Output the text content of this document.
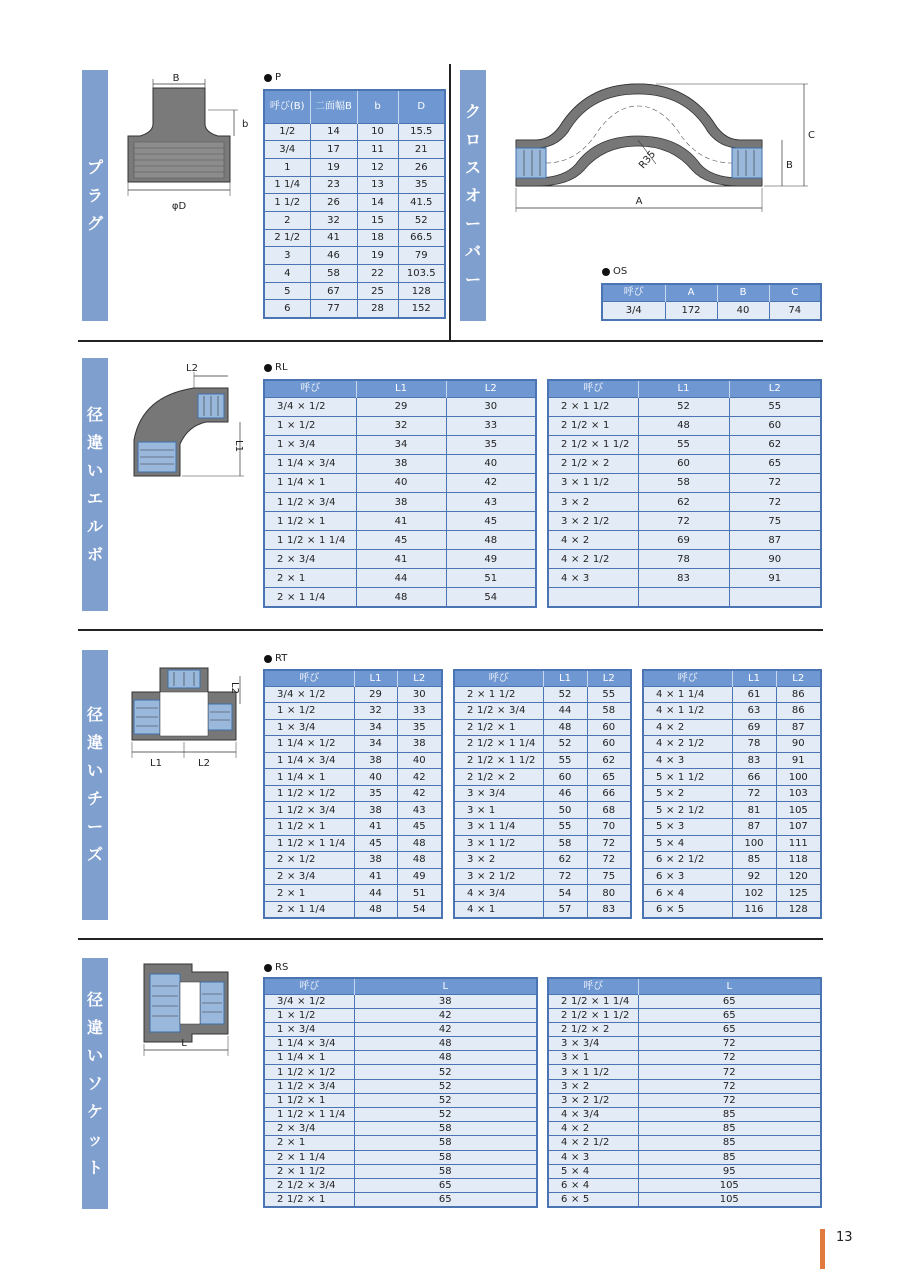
プ
ラ
グ
ク
ロ
ス
オ
ー
バ
ー
径
違
い
エ
ル
ボ
径
違
い
チ
ー
ズ
径
違
い
ソ
ケ
ッ
ト
P
OS
RL
RT
RS
呼び(B)	二面幅B	b	D
1/2	14	10	15.5
3/4	17	11	21
1	19	12	26
1 1/4	23	13	35
1 1/2	26	14	41.5
2	32	15	52
2 1/2	41	18	66.5
3	46	19	79
4	58	22	103.5
5	67	25	128
6	77	28	152
呼び	A	B	C
3/4	172	40	74
呼び	L1	L2
3/4 × 1/2	29	30
1 × 1/2	32	33
1 × 3/4	34	35
1 1/4 × 3/4	38	40
1 1/4 × 1	40	42
1 1/2 × 3/4	38	43
1 1/2 × 1	41	45
1 1/2 × 1 1/4	45	48
2 × 3/4	41	49
2 × 1	44	51
2 × 1 1/4	48	54
呼び	L1	L2
2 × 1 1/2	52	55
2 1/2 × 1	48	60
2 1/2 × 1 1/2	55	62
2 1/2 × 2	60	65
3 × 1 1/2	58	72
3 × 2	62	72
3 × 2 1/2	72	75
4 × 2	69	87
4 × 2 1/2	78	90
4 × 3	83	91

呼び	L1	L2
3/4 × 1/2	29	30
1 × 1/2	32	33
1 × 3/4	34	35
1 1/4 × 1/2	34	38
1 1/4 × 3/4	38	40
1 1/4 × 1	40	42
1 1/2 × 1/2	35	42
1 1/2 × 3/4	38	43
1 1/2 × 1	41	45
1 1/2 × 1 1/4	45	48
2 × 1/2	38	48
2 × 3/4	41	49
2 × 1	44	51
2 × 1 1/4	48	54
呼び	L1	L2
2 × 1 1/2	52	55
2 1/2 × 3/4	44	58
2 1/2 × 1	48	60
2 1/2 × 1 1/4	52	60
2 1/2 × 1 1/2	55	62
2 1/2 × 2	60	65
3 × 3/4	46	66
3 × 1	50	68
3 × 1 1/4	55	70
3 × 1 1/2	58	72
3 × 2	62	72
3 × 2 1/2	72	75
4 × 3/4	54	80
4 × 1	57	83
呼び	L1	L2
4 × 1 1/4	61	86
4 × 1 1/2	63	86
4 × 2	69	87
4 × 2 1/2	78	90
4 × 3	83	91
5 × 1 1/2	66	100
5 × 2	72	103
5 × 2 1/2	81	105
5 × 3	87	107
5 × 4	100	111
6 × 2 1/2	85	118
6 × 3	92	120
6 × 4	102	125
6 × 5	116	128
呼び	L
3/4 × 1/2	38
1 × 1/2	42
1 × 3/4	42
1 1/4 × 3/4	48
1 1/4 × 1	48
1 1/2 × 1/2	52
1 1/2 × 3/4	52
1 1/2 × 1	52
1 1/2 × 1 1/4	52
2 × 3/4	58
2 × 1	58
2 × 1 1/4	58
2 × 1 1/2	58
2 1/2 × 3/4	65
2 1/2 × 1	65
呼び	L
2 1/2 × 1 1/4	65
2 1/2 × 1 1/2	65
2 1/2 × 2	65
3 × 3/4	72
3 × 1	72
3 × 1 1/2	72
3 × 2	72
3 × 2 1/2	72
4 × 3/4	85
4 × 2	85
4 × 2 1/2	85
4 × 3	85
5 × 4	95
6 × 4	105
6 × 5	105
B
b
φD
R35
A
B
C
L2
L1
L2
L1	L2
L
13
